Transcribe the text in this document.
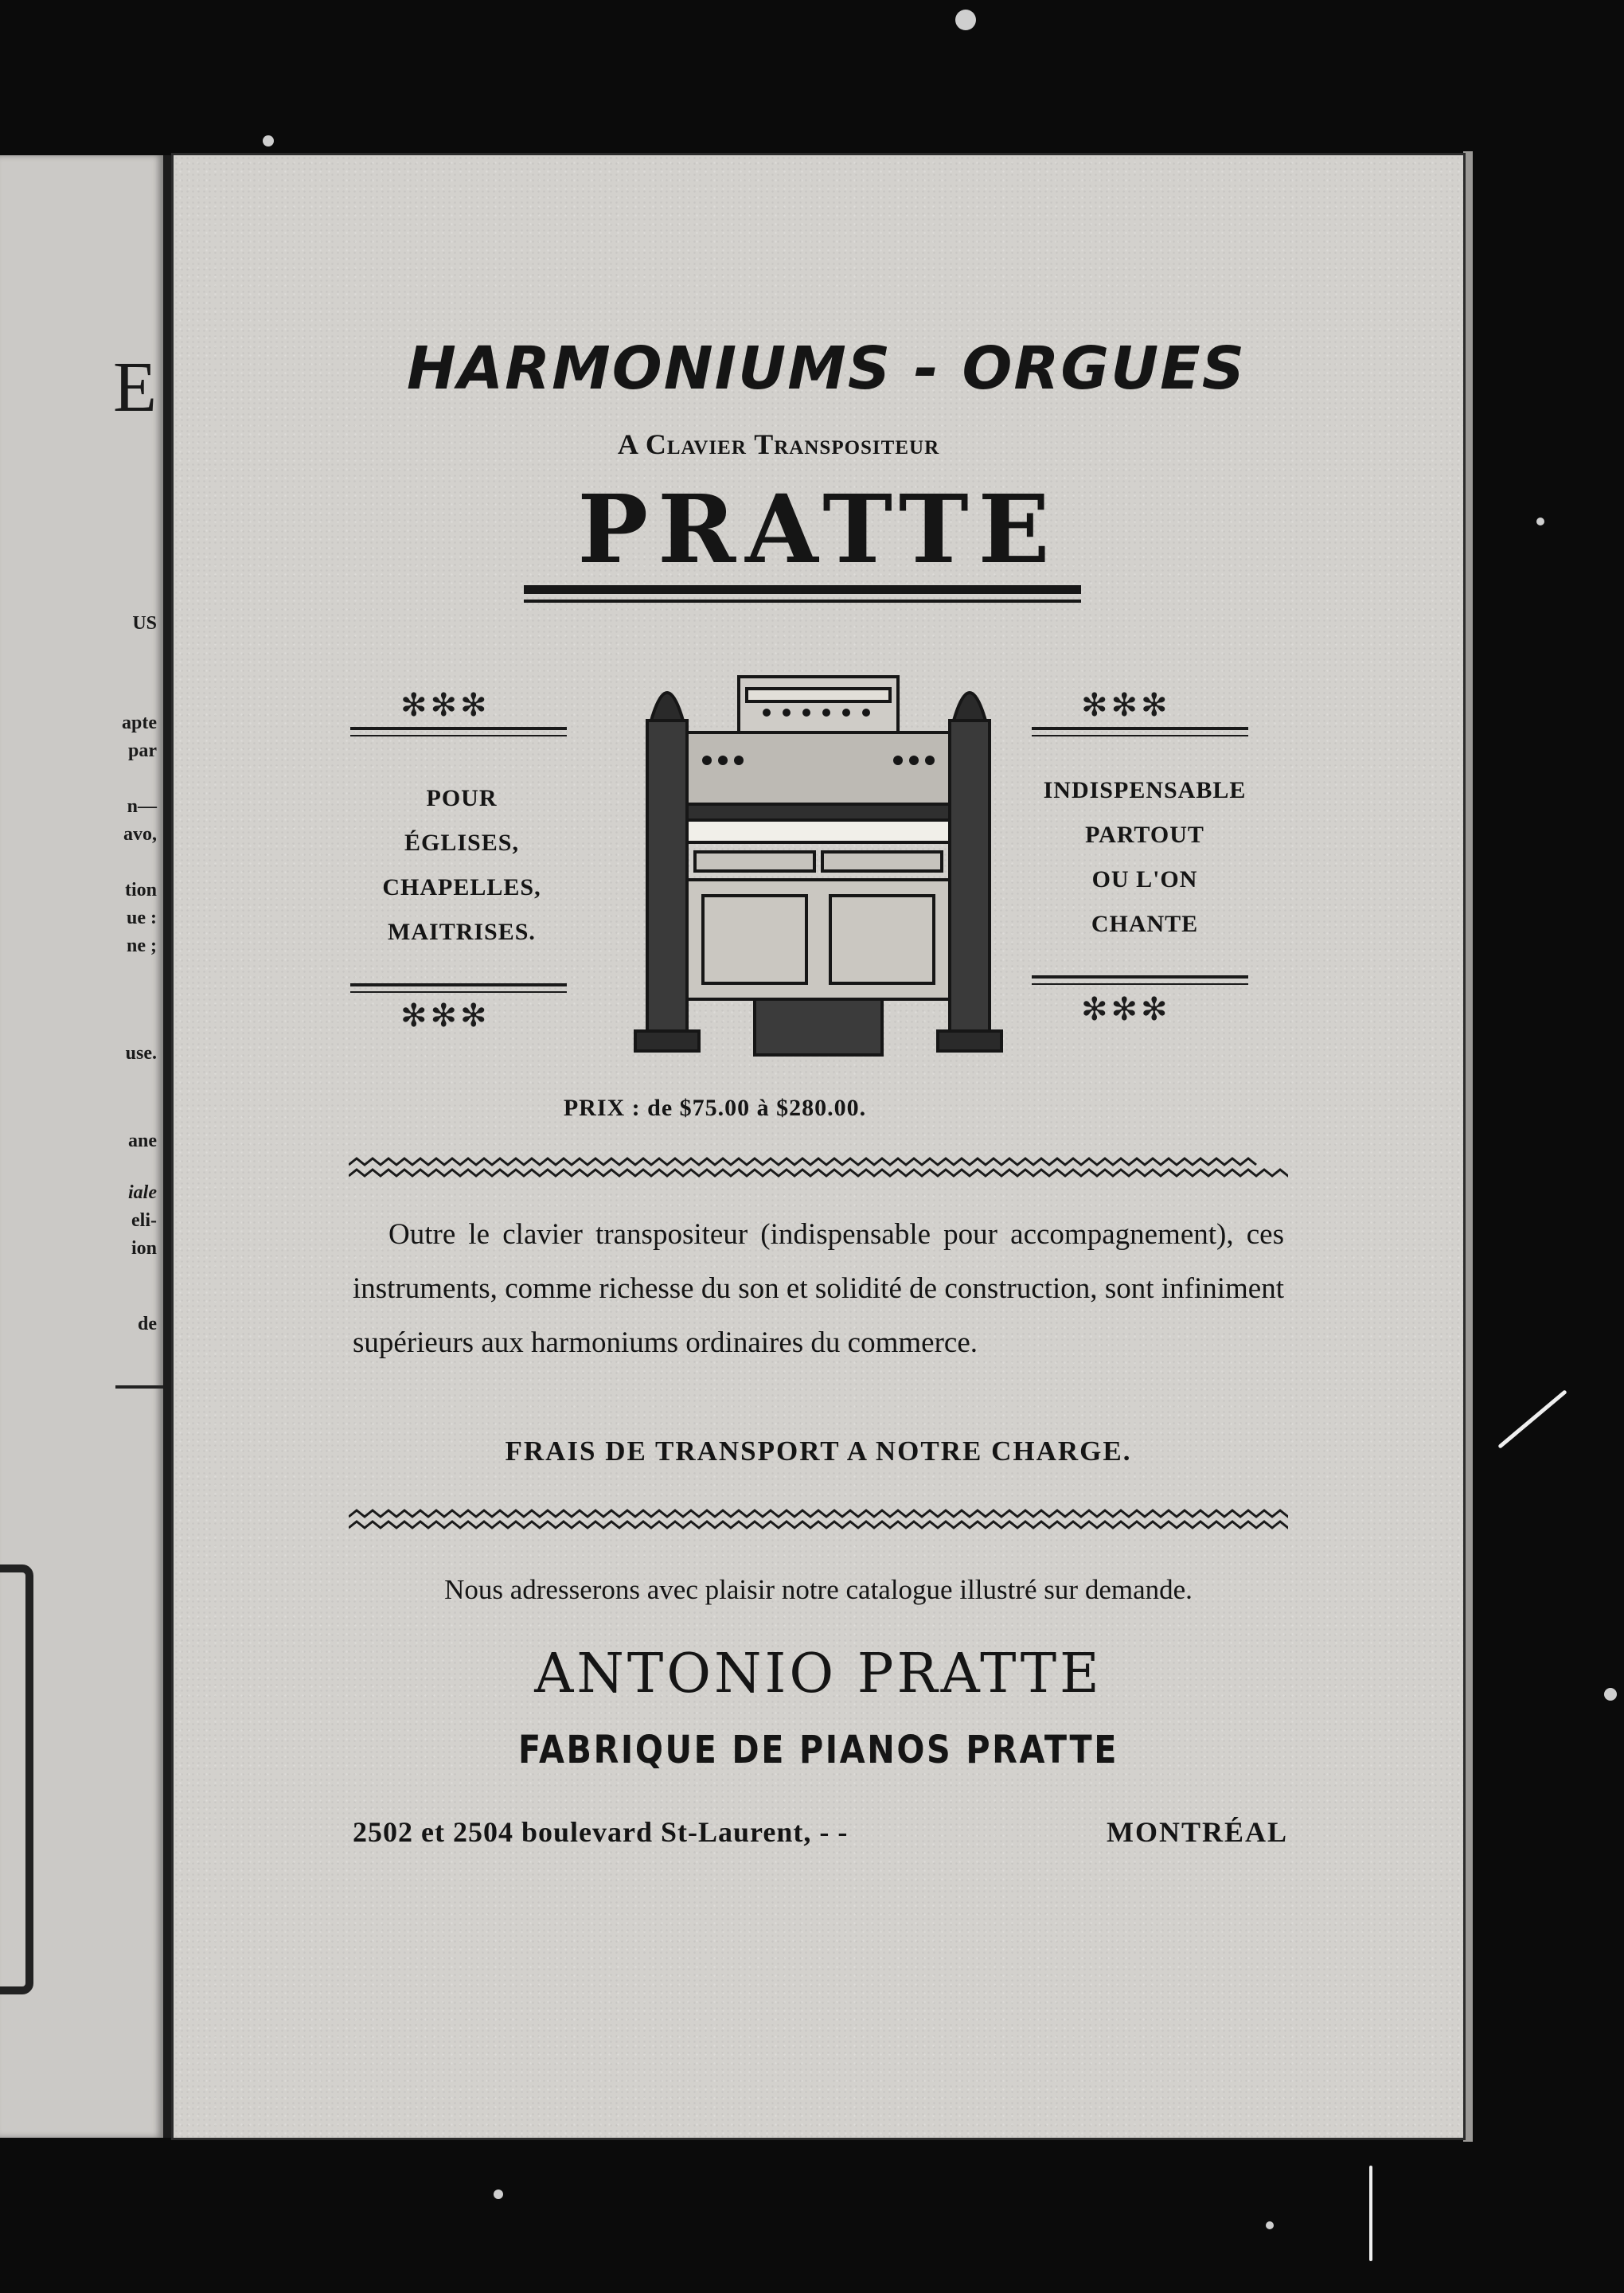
E
US
apte
par
n—
avo,
tion
ue :
ne ;
use.
ane
iale
eli-
ion
de
HARMONIUMS - ORGUES
A Clavier Transpositeur
PRATTE
✻✻✻
POUR
ÉGLISES,
CHAPELLES,
MAITRISES.
✻✻✻
✻✻✻
INDISPENSABLE
PARTOUT
OU L'ON
CHANTE
✻✻✻
PRIX : de $75.00 à $280.00.
Outre le clavier transpositeur (indispensable pour accompagnement), ces instruments, comme richesse du son et solidité de construction, sont infiniment supérieurs aux harmoniums ordinaires du commerce.
FRAIS DE TRANSPORT A NOTRE CHARGE.
Nous adresserons avec plaisir notre catalogue illustré sur demande.
ANTONIO PRATTE
FABRIQUE DE PIANOS PRATTE
2502 et 2504 boulevard St-Laurent, - -	MONTRÉAL
